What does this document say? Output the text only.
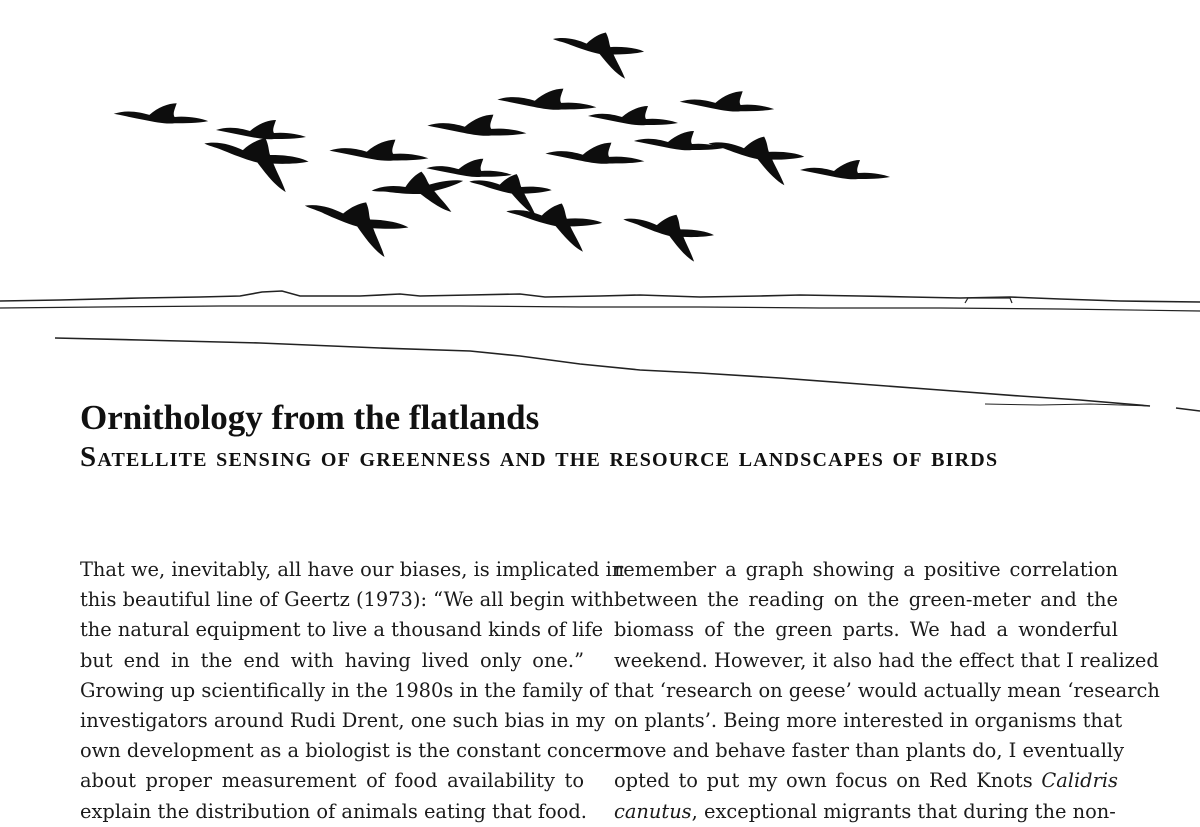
Ornithology from the flatlands
Satellite sensing of greenness and the resource landscapes of birds
That we, inevitably, all have our biases, is implicated in
this beautiful line of Geertz (1973): “We all begin with
the natural equipment to live a thousand kinds of life
but end in the end with having lived only one.”
Growing up scientifically in the 1980s in the family of
investigators around Rudi Drent, one such bias in my
own development as a biologist is the constant concern
about proper measurement of food availability to
explain the distribution of animals eating that food.
remember a graph showing a positive correlation
between the reading on the green-meter and the
biomass of the green parts. We had a wonderful
weekend. However, it also had the effect that I realized
that ‘research on geese’ would actually mean ‘research
on plants’. Being more interested in organisms that
move and behave faster than plants do, I eventually
opted to put my own focus on Red Knots Calidris
canutus, exceptional migrants that during the non-
